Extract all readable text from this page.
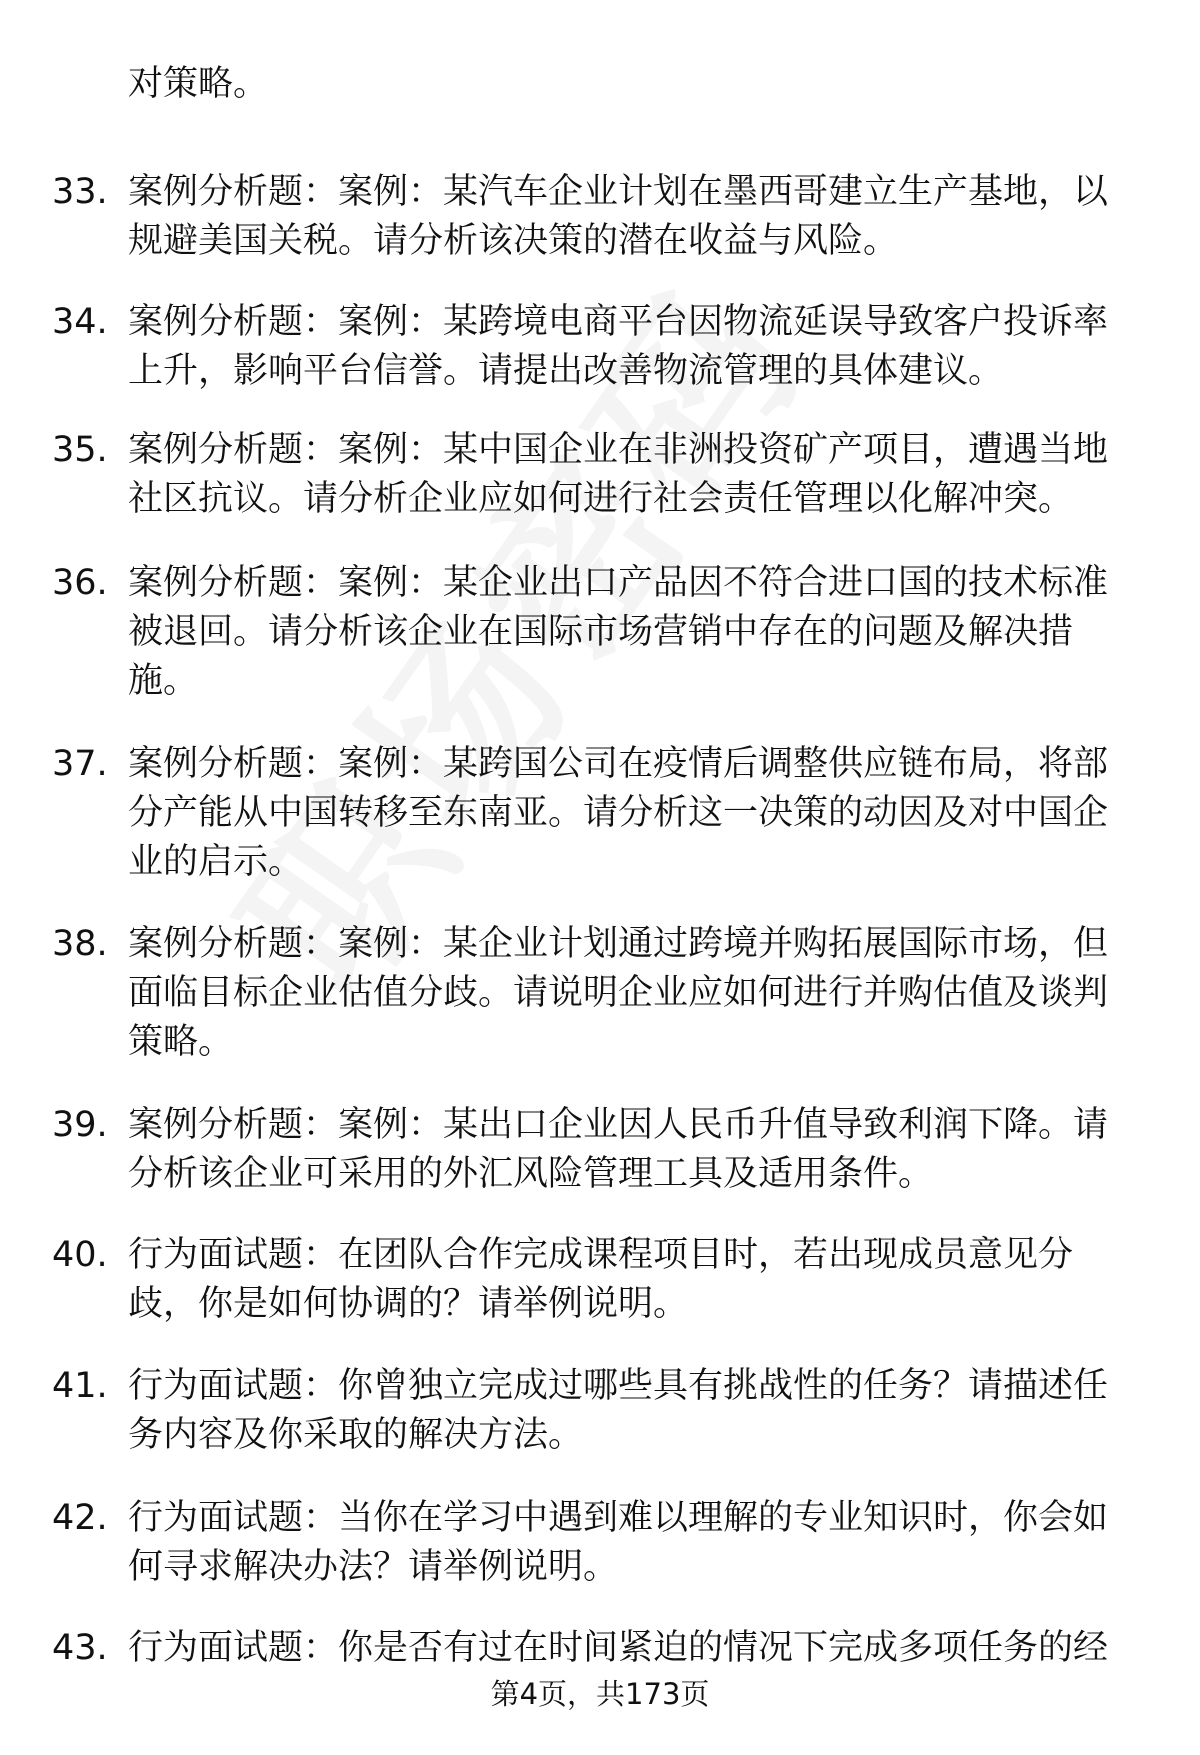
对策略。
33. 案例分析题：案例：某汽车企业计划在墨西哥建立生产基地，以
规避美国关税。请分析该决策的潜在收益与风险。
34. 案例分析题：案例：某跨境电商平台因物流延误导致客户投诉率
上升，影响平台信誉。请提出改善物流管理的具体建议。
35. 案例分析题：案例：某中国企业在非洲投资矿产项目，遭遇当地
社区抗议。请分析企业应如何进行社会责任管理以化解冲突。
36. 案例分析题：案例：某企业出口产品因不符合进口国的技术标准
被退回。请分析该企业在国际市场营销中存在的问题及解决措
施。
37. 案例分析题：案例：某跨国公司在疫情后调整供应链布局，将部
分产能从中国转移至东南亚。请分析这一决策的动因及对中国企
业的启示。
38. 案例分析题：案例：某企业计划通过跨境并购拓展国际市场，但
面临目标企业估值分歧。请说明企业应如何进行并购估值及谈判
策略。
39. 案例分析题：案例：某出口企业因人民币升值导致利润下降。请
分析该企业可采用的外汇风险管理工具及适用条件。
40. 行为面试题：在团队合作完成课程项目时，若出现成员意见分
歧，你是如何协调的？请举例说明。
41. 行为面试题：你曾独立完成过哪些具有挑战性的任务？请描述任
务内容及你采取的解决方法。
42. 行为面试题：当你在学习中遇到难以理解的专业知识时，你会如
何寻求解决办法？请举例说明。
43. 行为面试题：你是否有过在时间紧迫的情况下完成多项任务的经
第4页，共173页
